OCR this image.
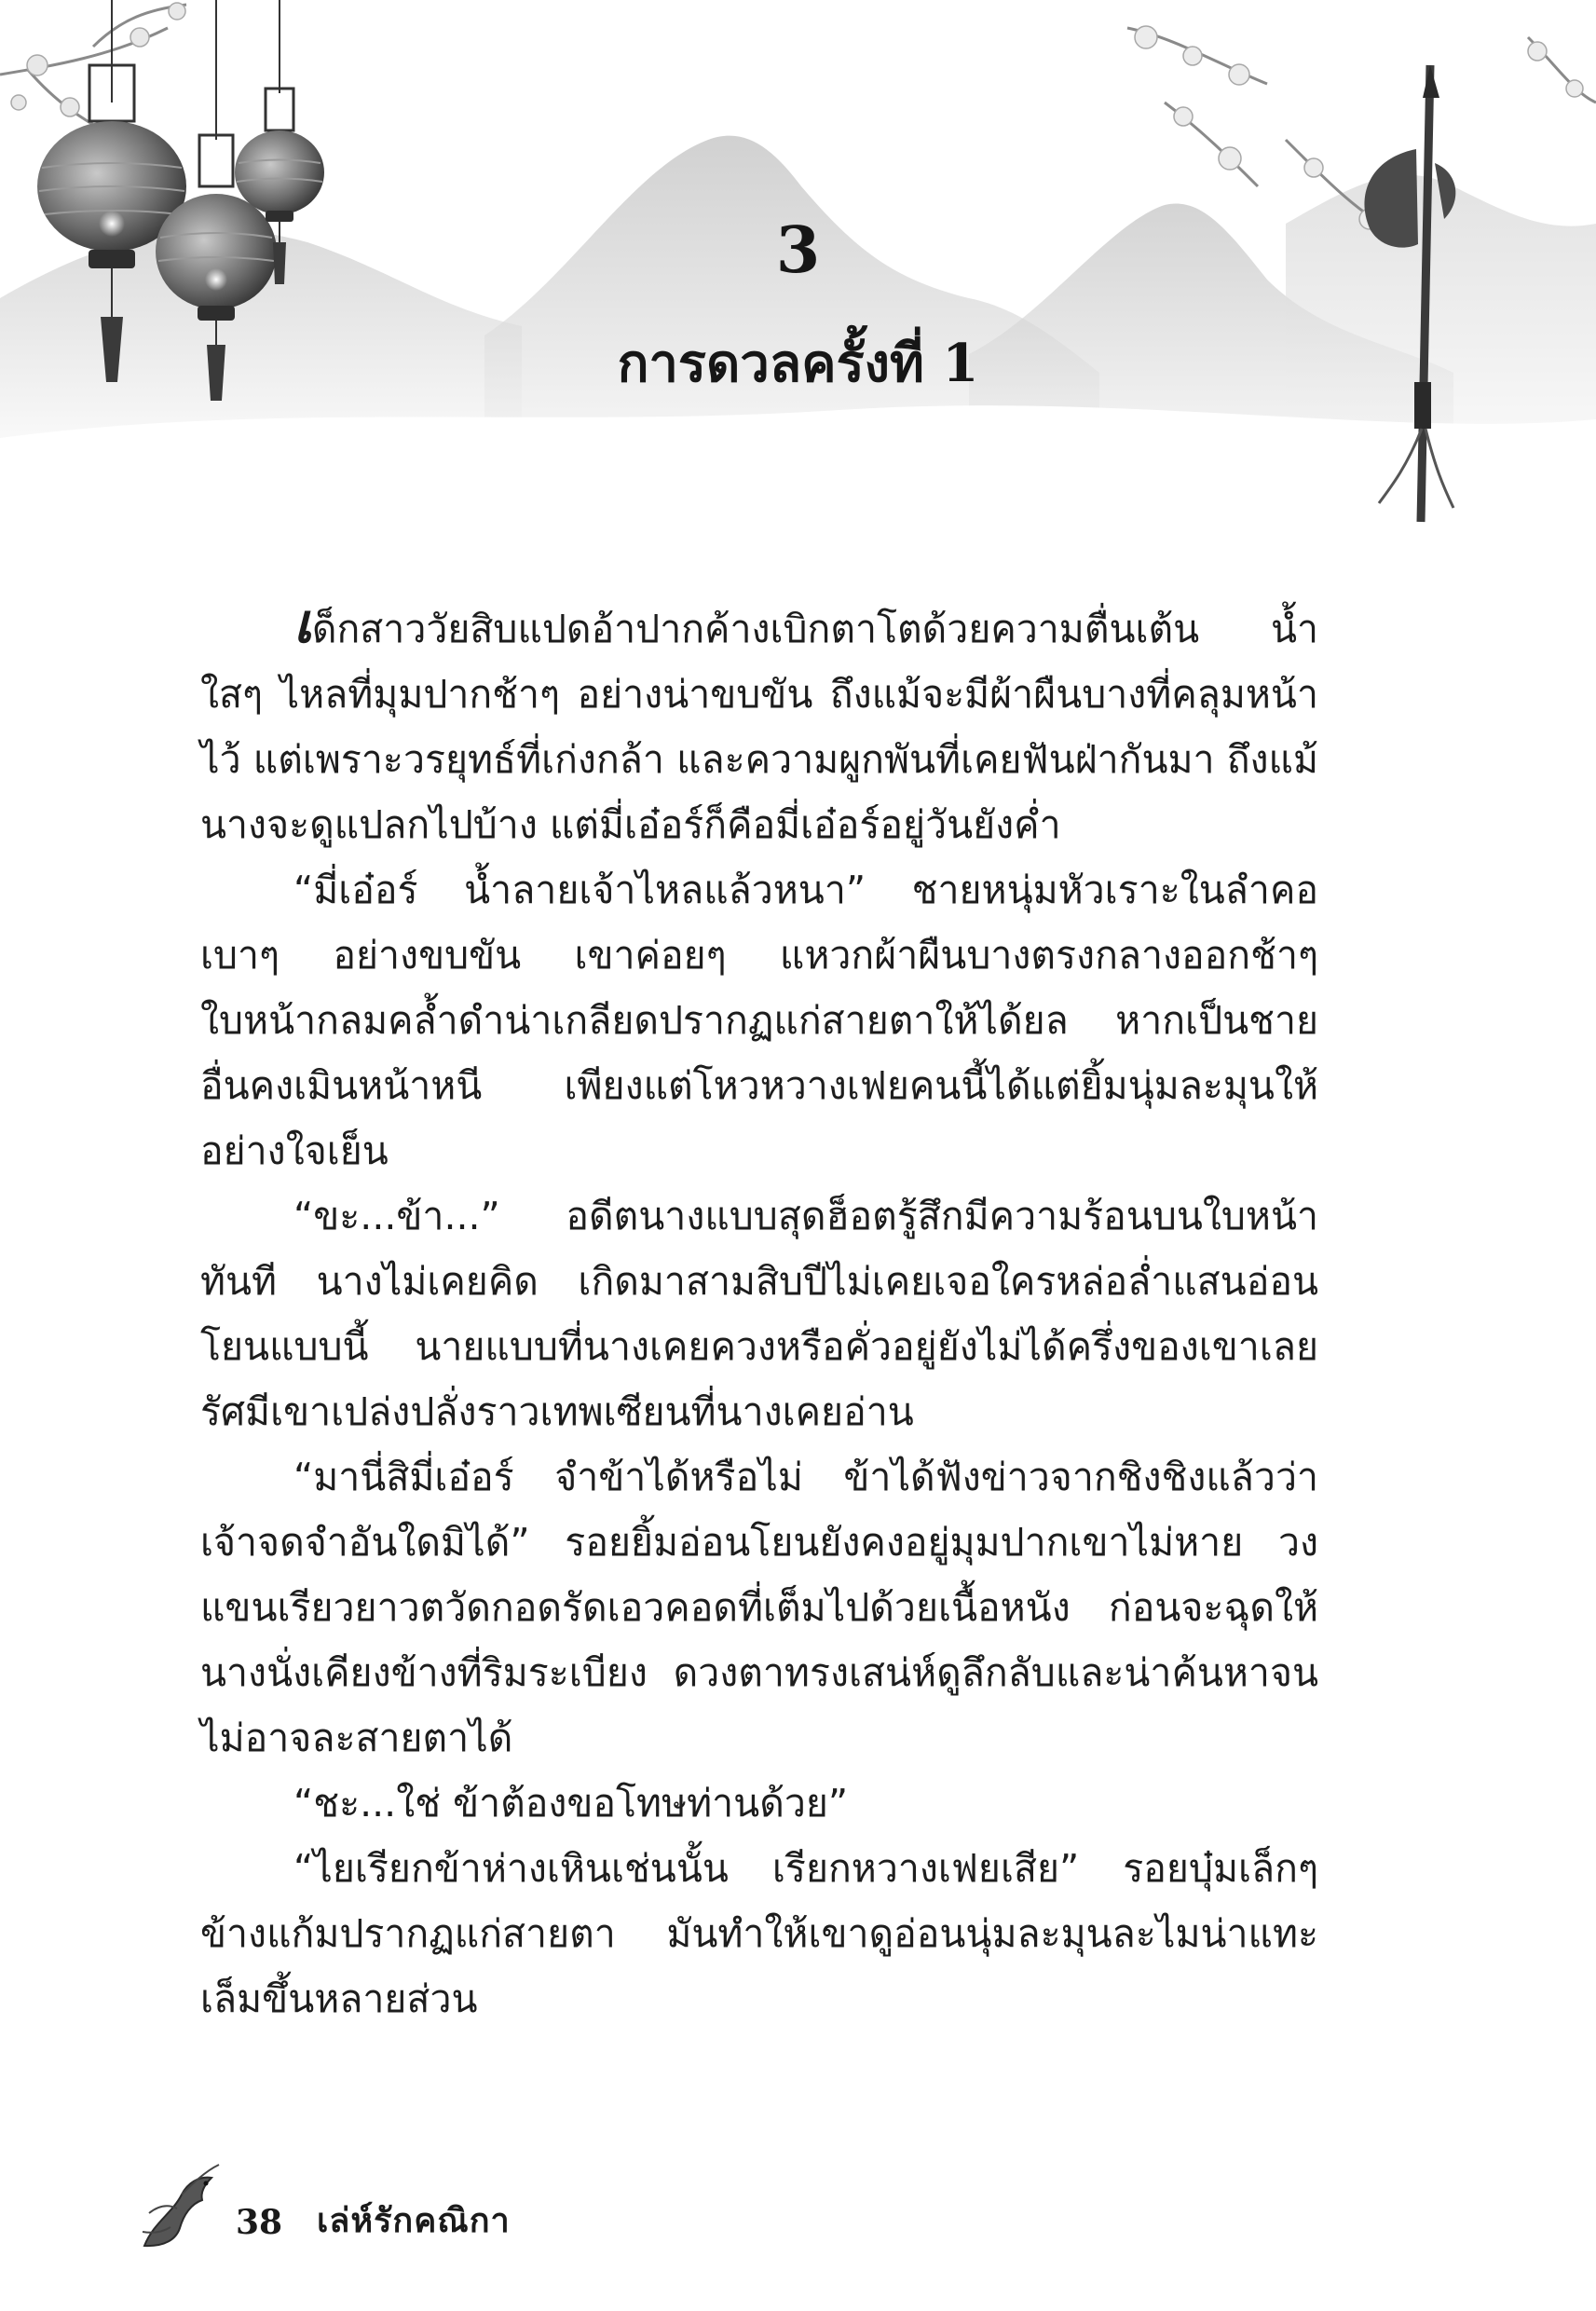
3
การดวลครั้งที่ 1

เด็กสาววัยสิบแปดอ้าปากค้างเบิกตาโตด้วยความตื่นเต้น น้ำใสๆ ไหลที่มุมปากช้าๆ อย่างน่าขบขัน ถึงแม้จะมีผ้าผืนบางที่คลุมหน้าไว้ แต่เพราะวรยุทธ์ที่เก่งกล้า และความผูกพันที่เคยฟันฝ่ากันมา ถึงแม้นางจะดูแปลกไปบ้าง แต่มี่เอ๋อร์ก็คือมี่เอ๋อร์อยู่วันยังค่ำ

“มี่เอ๋อร์ น้ำลายเจ้าไหลแล้วหนา” ชายหนุ่มหัวเราะในลำคอเบาๆ อย่างขบขัน เขาค่อยๆ แหวกผ้าผืนบางตรงกลางออกช้าๆ ใบหน้ากลมคล้ำดำน่าเกลียดปรากฏแก่สายตาให้ได้ยล หากเป็นชายอื่นคงเมินหน้าหนี เพียงแต่โหวหวางเฟยคนนี้ได้แต่ยิ้มนุ่มละมุนให้อย่างใจเย็น

“ขะ...ข้า...” อดีตนางแบบสุดฮ็อตรู้สึกมีความร้อนบนใบหน้าทันที นางไม่เคยคิด เกิดมาสามสิบปีไม่เคยเจอใครหล่อล่ำแสนอ่อนโยนแบบนี้ นายแบบที่นางเคยควงหรือคั่วอยู่ยังไม่ได้ครึ่งของเขาเลย รัศมีเขาเปล่งปลั่งราวเทพเซียนที่นางเคยอ่าน

“มานี่สิมี่เอ๋อร์ จำข้าได้หรือไม่ ข้าได้ฟังข่าวจากชิงชิงแล้วว่าเจ้าจดจำอันใดมิได้” รอยยิ้มอ่อนโยนยังคงอยู่มุมปากเขาไม่หาย วงแขนเรียวยาวตวัดกอดรัดเอวคอดที่เต็มไปด้วยเนื้อหนัง ก่อนจะฉุดให้นางนั่งเคียงข้างที่ริมระเบียง ดวงตาทรงเสน่ห์ดูลึกลับและน่าค้นหาจนไม่อาจละสายตาได้

“ชะ...ใช่ ข้าต้องขอโทษท่านด้วย”

“ไยเรียกข้าห่างเหินเช่นนั้น เรียกหวางเฟยเสีย” รอยบุ๋มเล็กๆ ข้างแก้มปรากฏแก่สายตา มันทำให้เขาดูอ่อนนุ่มละมุนละไมน่าแทะเล็มขึ้นหลายส่วน

38 เล่ห์รักคณิกา
